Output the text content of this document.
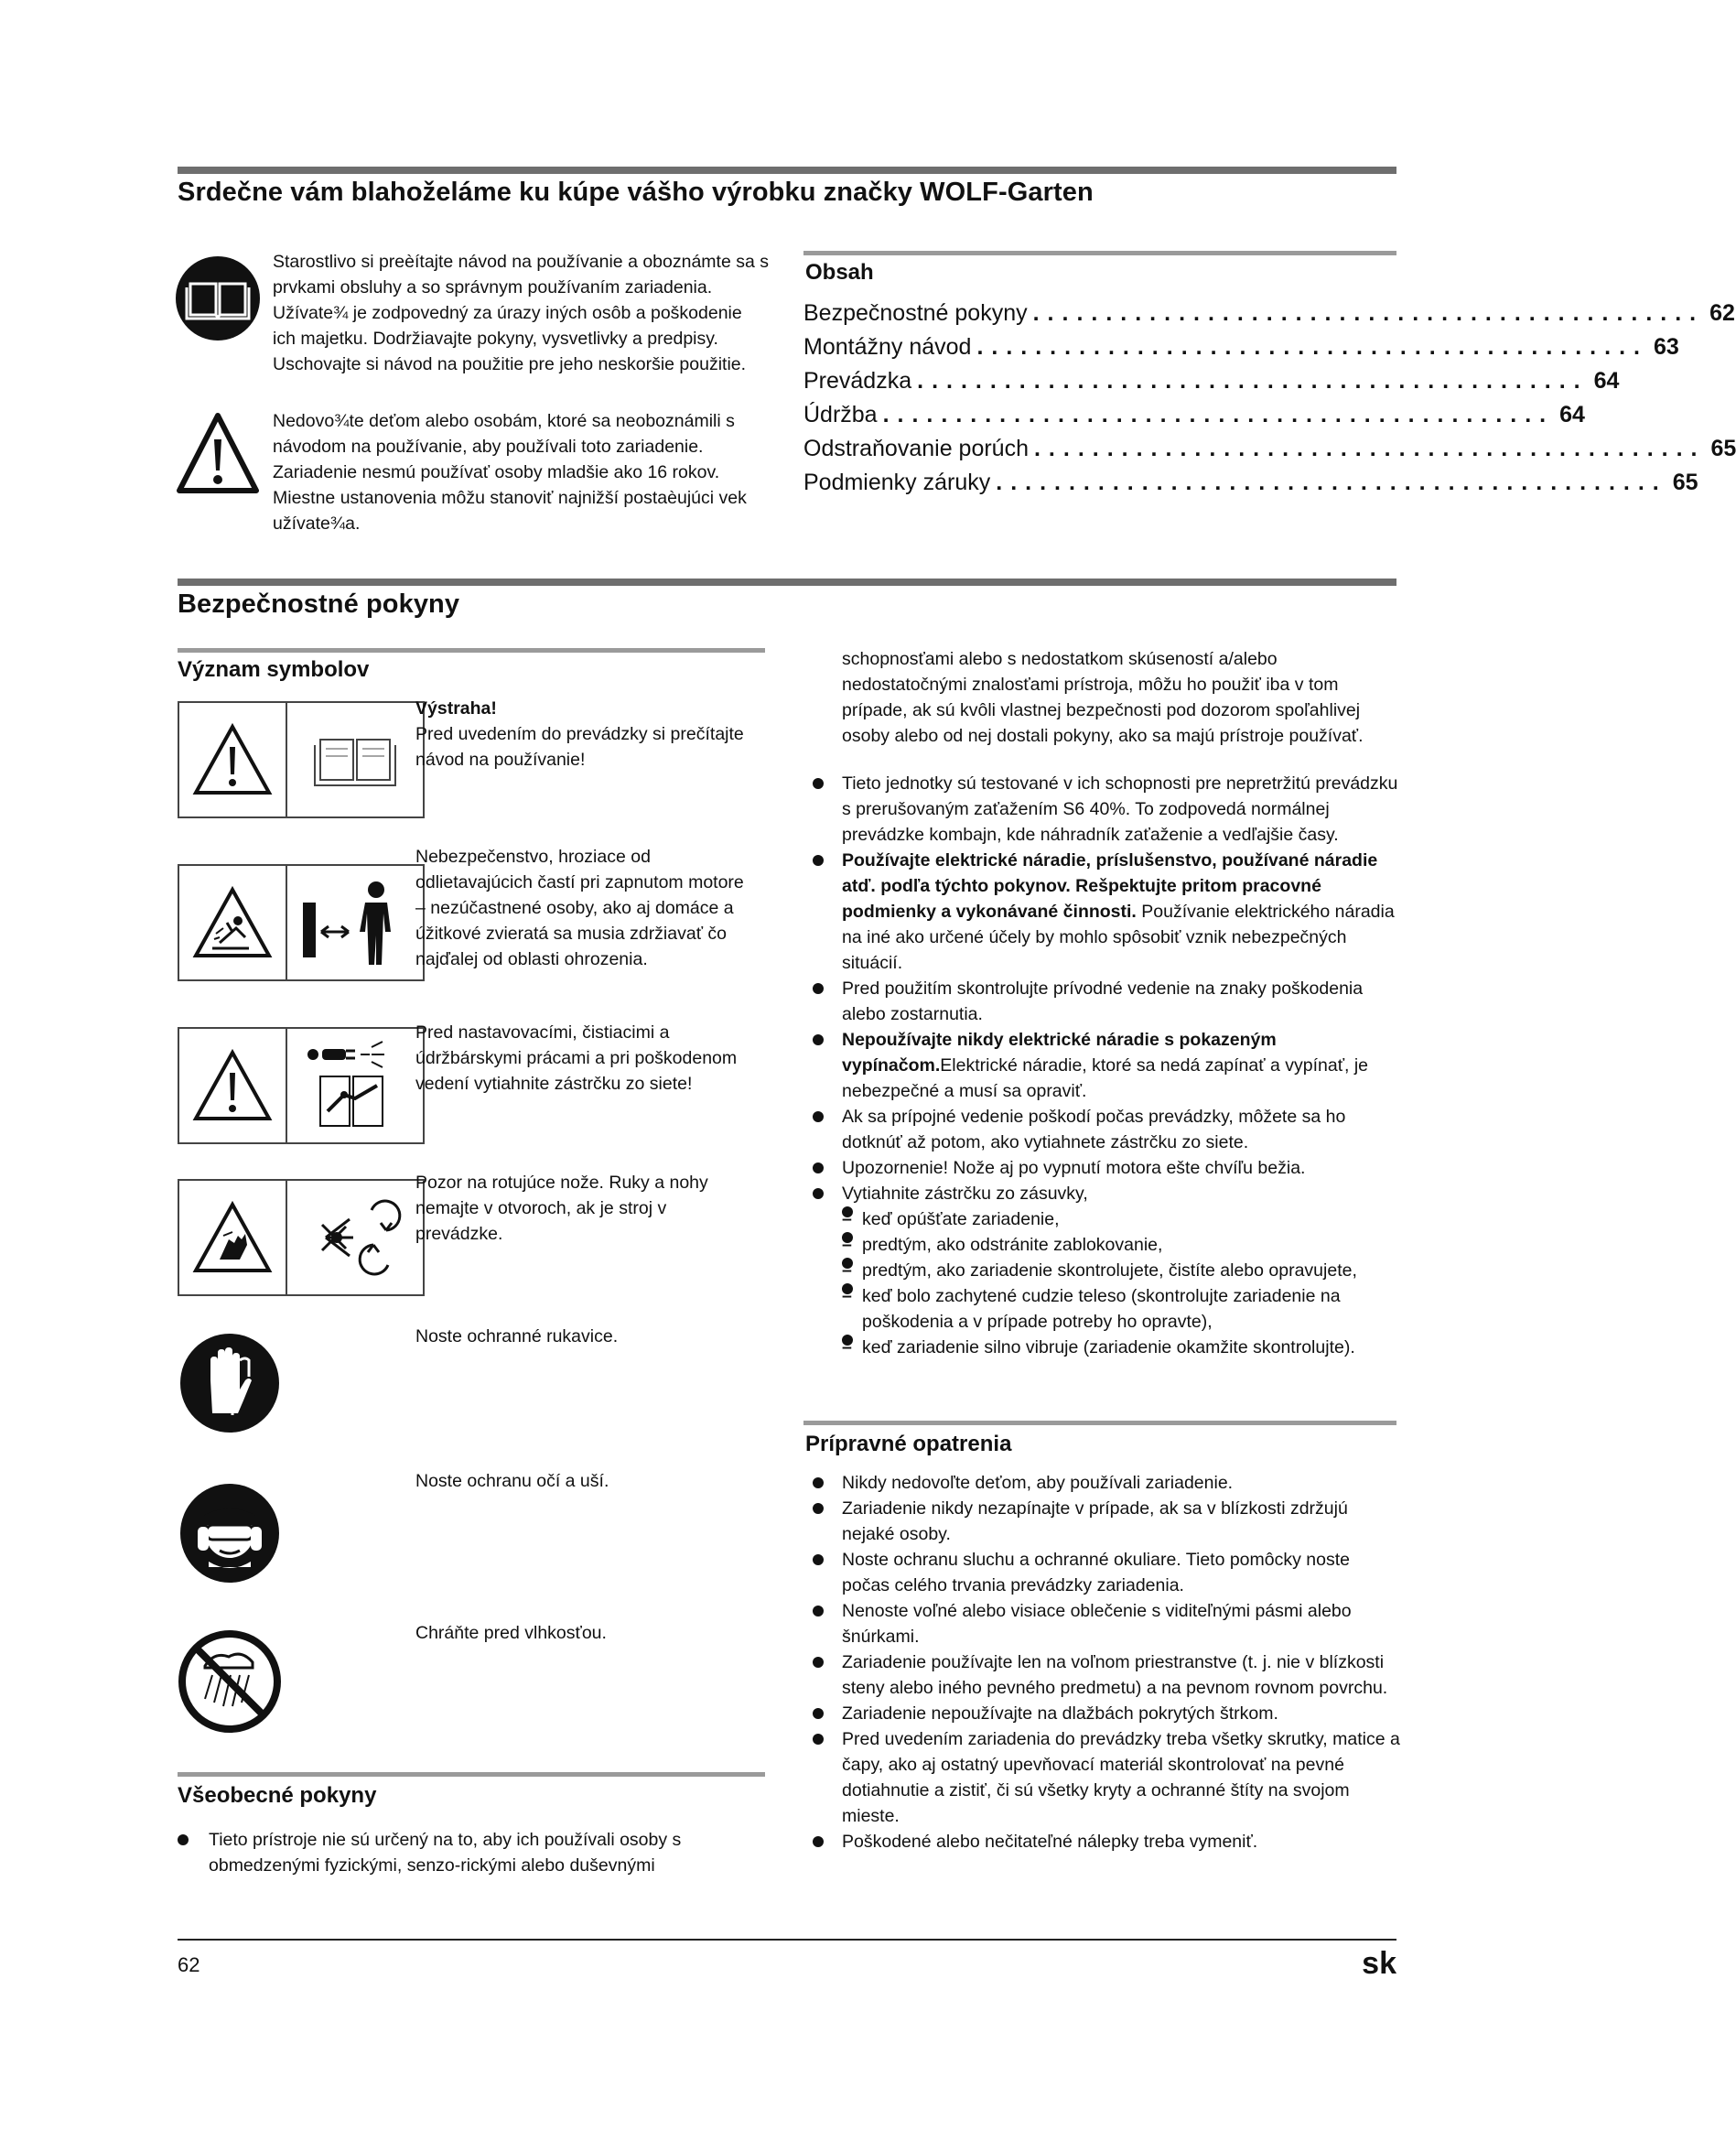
Srdečne vám blahoželáme ku kúpe vášho výrobku značky WOLF-Garten
Starostlivo si preèítajte návod na používanie a oboznámte sa s prvkami obsluhy a so správnym používaním zariadenia. Užívate¾ je zodpovedný za úrazy iných osôb a poškodenie ich majetku. Dodržiavajte pokyny, vysvetlivky a predpisy. Uschovajte si návod na použitie pre jeho neskoršie použitie.
Nedovo¾te deťom alebo osobám, ktoré sa neoboznámili s návodom na používanie, aby používali toto zariadenie. Zariadenie nesmú používať osoby mladšie ako 16 rokov. Miestne ustanovenia môžu stanoviť najnižší postaèujúci vek užívate¾a.
Obsah
Bezpečnostné pokyny .............................................. 62
Montážny návod .............................................. 63
Prevádzka .............................................. 64
Údržba .............................................. 64
Odstraňovanie porúch .............................................. 65
Podmienky záruky .............................................. 65
Bezpečnostné pokyny
Význam symbolov
Výstraha!
Pred uvedením do prevádzky si prečítajte návod na používanie!
Nebezpečenstvo, hroziace od odlietavajúcich častí pri zapnutom motore – nezúčastnené osoby, ako aj domáce a úžitkové zvieratá sa musia zdržiavať čo najďalej od oblasti ohrozenia.
Pred nastavovacími, čistiacimi a údržbárskymi prácami a pri poškodenom vedení vytiahnite zástrčku zo siete!
Pozor na rotujúce nože. Ruky a nohy nemajte v otvoroch, ak je stroj v prevádzke.
Noste ochranné rukavice.
Noste ochranu očí a uší.
Chráňte pred vlhkosťou.
Všeobecné pokyny
Tieto prístroje nie sú určený na to, aby ich používali osoby s obmedzenými fyzickými, senzo-rickými alebo duševnými
schopnosťami alebo s nedostatkom skúseností a/alebo nedostatočnými znalosťami prístroja, môžu ho použiť iba v tom prípade, ak sú kvôli vlastnej bezpečnosti pod dozorom spoľahlivej osoby alebo od nej dostali pokyny, ako sa majú prístroje používať.
Tieto jednotky sú testované v ich schopnosti pre nepretržitú prevádzku s prerušovaným zaťažením S6 40%. To zodpovedá normálnej prevádzke kombajn, kde náhradník zaťaženie a vedľajšie časy.
Používajte elektrické náradie, príslušenstvo, používané náradie atď. podľa týchto pokynov. Rešpektujte pritom pracovné podmienky a vykonávané činnosti. Používanie elektrického náradia na iné ako určené účely by mohlo spôsobiť vznik nebezpečných situácií.
Pred použitím skontrolujte prívodné vedenie na znaky poškodenia alebo zostarnutia.
Nepoužívajte nikdy elektrické náradie s pokazeným vypínačom.Elektrické náradie, ktoré sa nedá zapínať a vypínať, je nebezpečné a musí sa opraviť.
Ak sa prípojné vedenie poškodí počas prevádzky, môžete sa ho dotknúť až potom, ako vytiahnete zástrčku zo siete.
Upozornenie! Nože aj po vypnutí motora ešte chvíľu bežia.
Vytiahnite zástrčku zo zásuvky,
– keď opúšťate zariadenie,
– predtým, ako odstránite zablokovanie,
– predtým, ako zariadenie skontrolujete, čistíte alebo opravujete,
– keď bolo zachytené cudzie teleso (skontrolujte zariadenie na poškodenia a v prípade potreby ho opravte),
– keď zariadenie silno vibruje (zariadenie okamžite skontrolujte).
Prípravné opatrenia
Nikdy nedovoľte deťom, aby používali zariadenie.
Zariadenie nikdy nezapínajte v prípade, ak sa v blízkosti zdržujú nejaké osoby.
Noste ochranu sluchu a ochranné okuliare. Tieto pomôcky noste počas celého trvania prevádzky zariadenia.
Nenoste voľné alebo visiace oblečenie s viditeľnými pásmi alebo šnúrkami.
Zariadenie používajte len na voľnom priestranstve (t. j. nie v blízkosti steny alebo iného pevného predmetu) a na pevnom rovnom povrchu.
Zariadenie nepoužívajte na dlažbách pokrytých štrkom.
Pred uvedením zariadenia do prevádzky treba všetky skrutky, matice a čapy, ako aj ostatný upevňovací materiál skontrolovať na pevné dotiahnutie a zistiť, či sú všetky kryty a ochranné štíty na svojom mieste.
Poškodené alebo nečitateľné nálepky treba vymeniť.
62	sk
